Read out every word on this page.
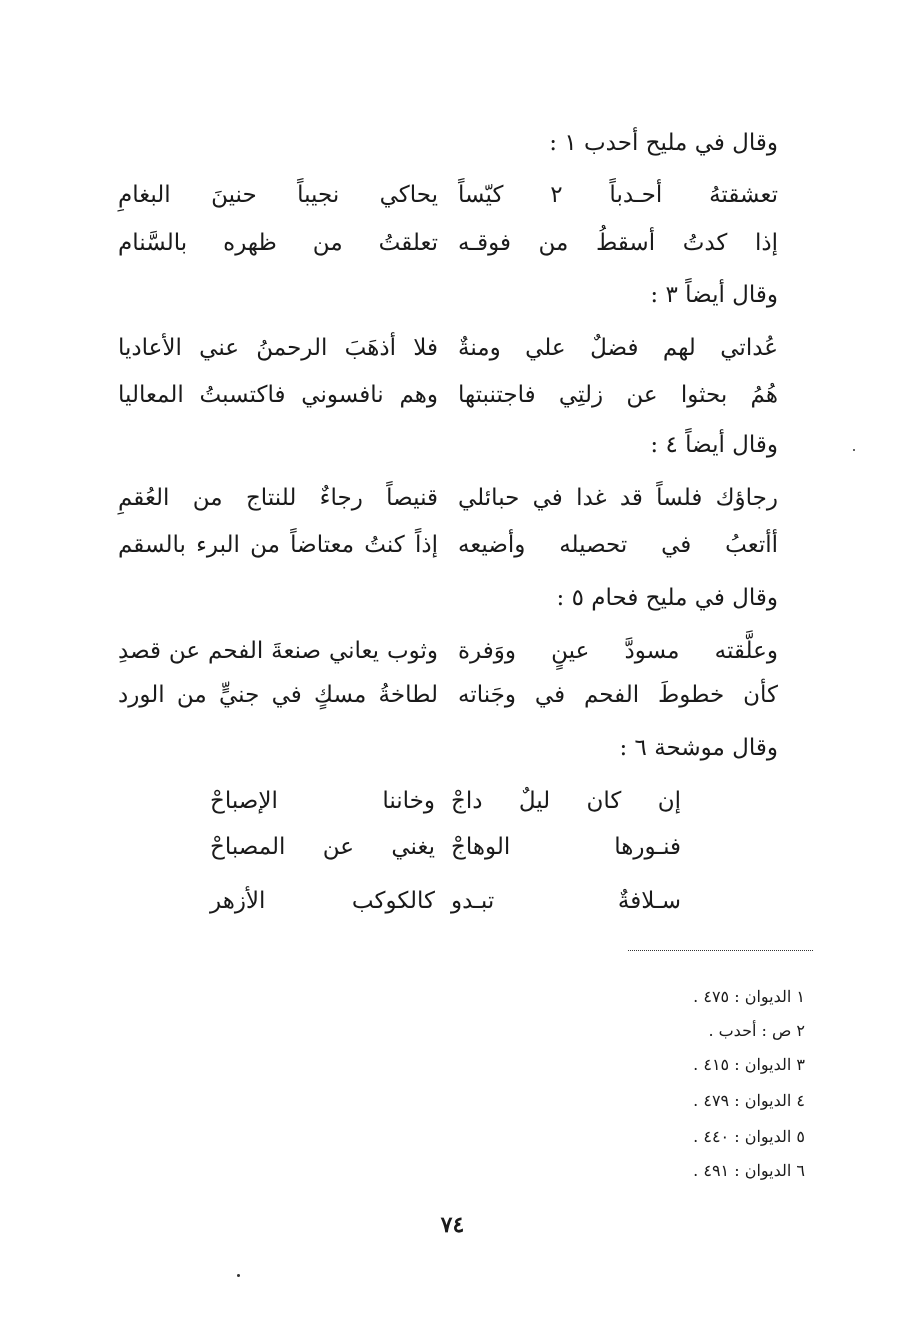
وقال في مليح أحدب ١ :
تعشقتهُ أحـدباً ٢ كيّساً
يحاكي نجيباً حنينَ البغامِ
إذا كدتُ أسقطُ من فوقـه
تعلقتُ من ظهره بالسَّنام
وقال أيضاً ٣ :
عُداتي لهم فضلٌ علي ومنةٌ
فلا أذهَبَ الرحمنُ عني الأعاديا
هُمُ بحثوا عن زلتِي فاجتنبتها
وهم نافسوني فاكتسبتُ المعاليا
وقال أيضاً ٤ :
رجاؤك فلساً قد غدا في حبائلي
قنيصاً رجاءٌ للنتاج من العُقمِ
أأتعبُ في تحصيله وأضيعه
إذاً كنتُ معتاضاً من البرء بالسقم
وقال في مليح فحام ٥ :
وعلَّقته مسودَّ عينٍ ووَفرة
وثوب يعاني صنعةَ الفحم عن قصدِ
كأن خطوطَ الفحم في وجَناته
لطاخةُ مسكٍ في جنيٍّ من الورد
وقال موشحة ٦ :
إن كان ليلٌ داجْ
وخاننا الإصباحْ
فنـورها الوهاجْ
يغني عن المصباحْ
سـلافةٌ تبـدو
كالكوكب الأزهر
١ الديوان : ٤٧٥ .
٢ ص : أحدب .
٣ الديوان : ٤١٥ .
٤ الديوان : ٤٧٩ .
٥ الديوان : ٤٤٠ .
٦ الديوان : ٤٩١ .
٧٤
